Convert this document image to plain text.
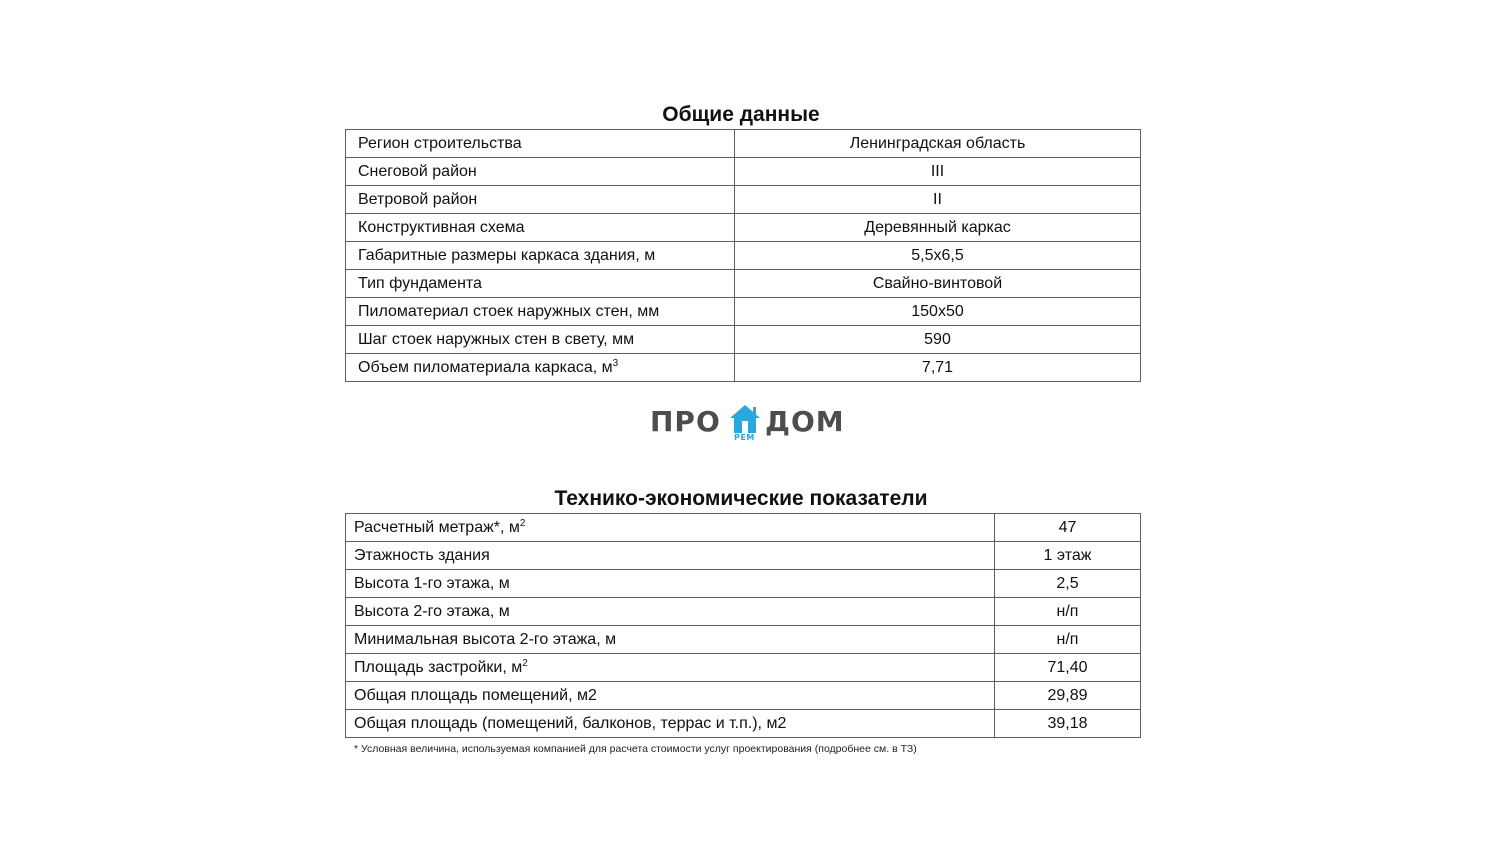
Общие данные
Регион строительства	Ленинградская область
Снеговой район	III
Ветровой район	II
Конструктивная схема	Деревянный каркас
Габаритные размеры каркаса здания, м	5,5х6,5
Тип фундамента	Свайно-винтовой
Пиломатериал стоек наружных стен, мм	150х50
Шаг стоек наружных стен в свету, мм	590
Объем пиломатериала каркаса, $м^3$	7,71
ПРО РЕМ ДОМ
Технико-экономические показатели
Расчетный метраж*, $м^2$	47
Этажность здания	1 этаж
Высота 1-го этажа, м	2,5
Высота 2-го этажа, м	н/п
Минимальная высота 2-го этажа, м	н/п
Площадь застройки, $м^2$	71,40
Общая площадь помещений, м2	29,89
Общая площадь (помещений, балконов, террас и т.п.), м2	39,18
* Условная величина, используемая компанией для расчета стоимости услуг проектирования (подробнее см. в ТЗ)
